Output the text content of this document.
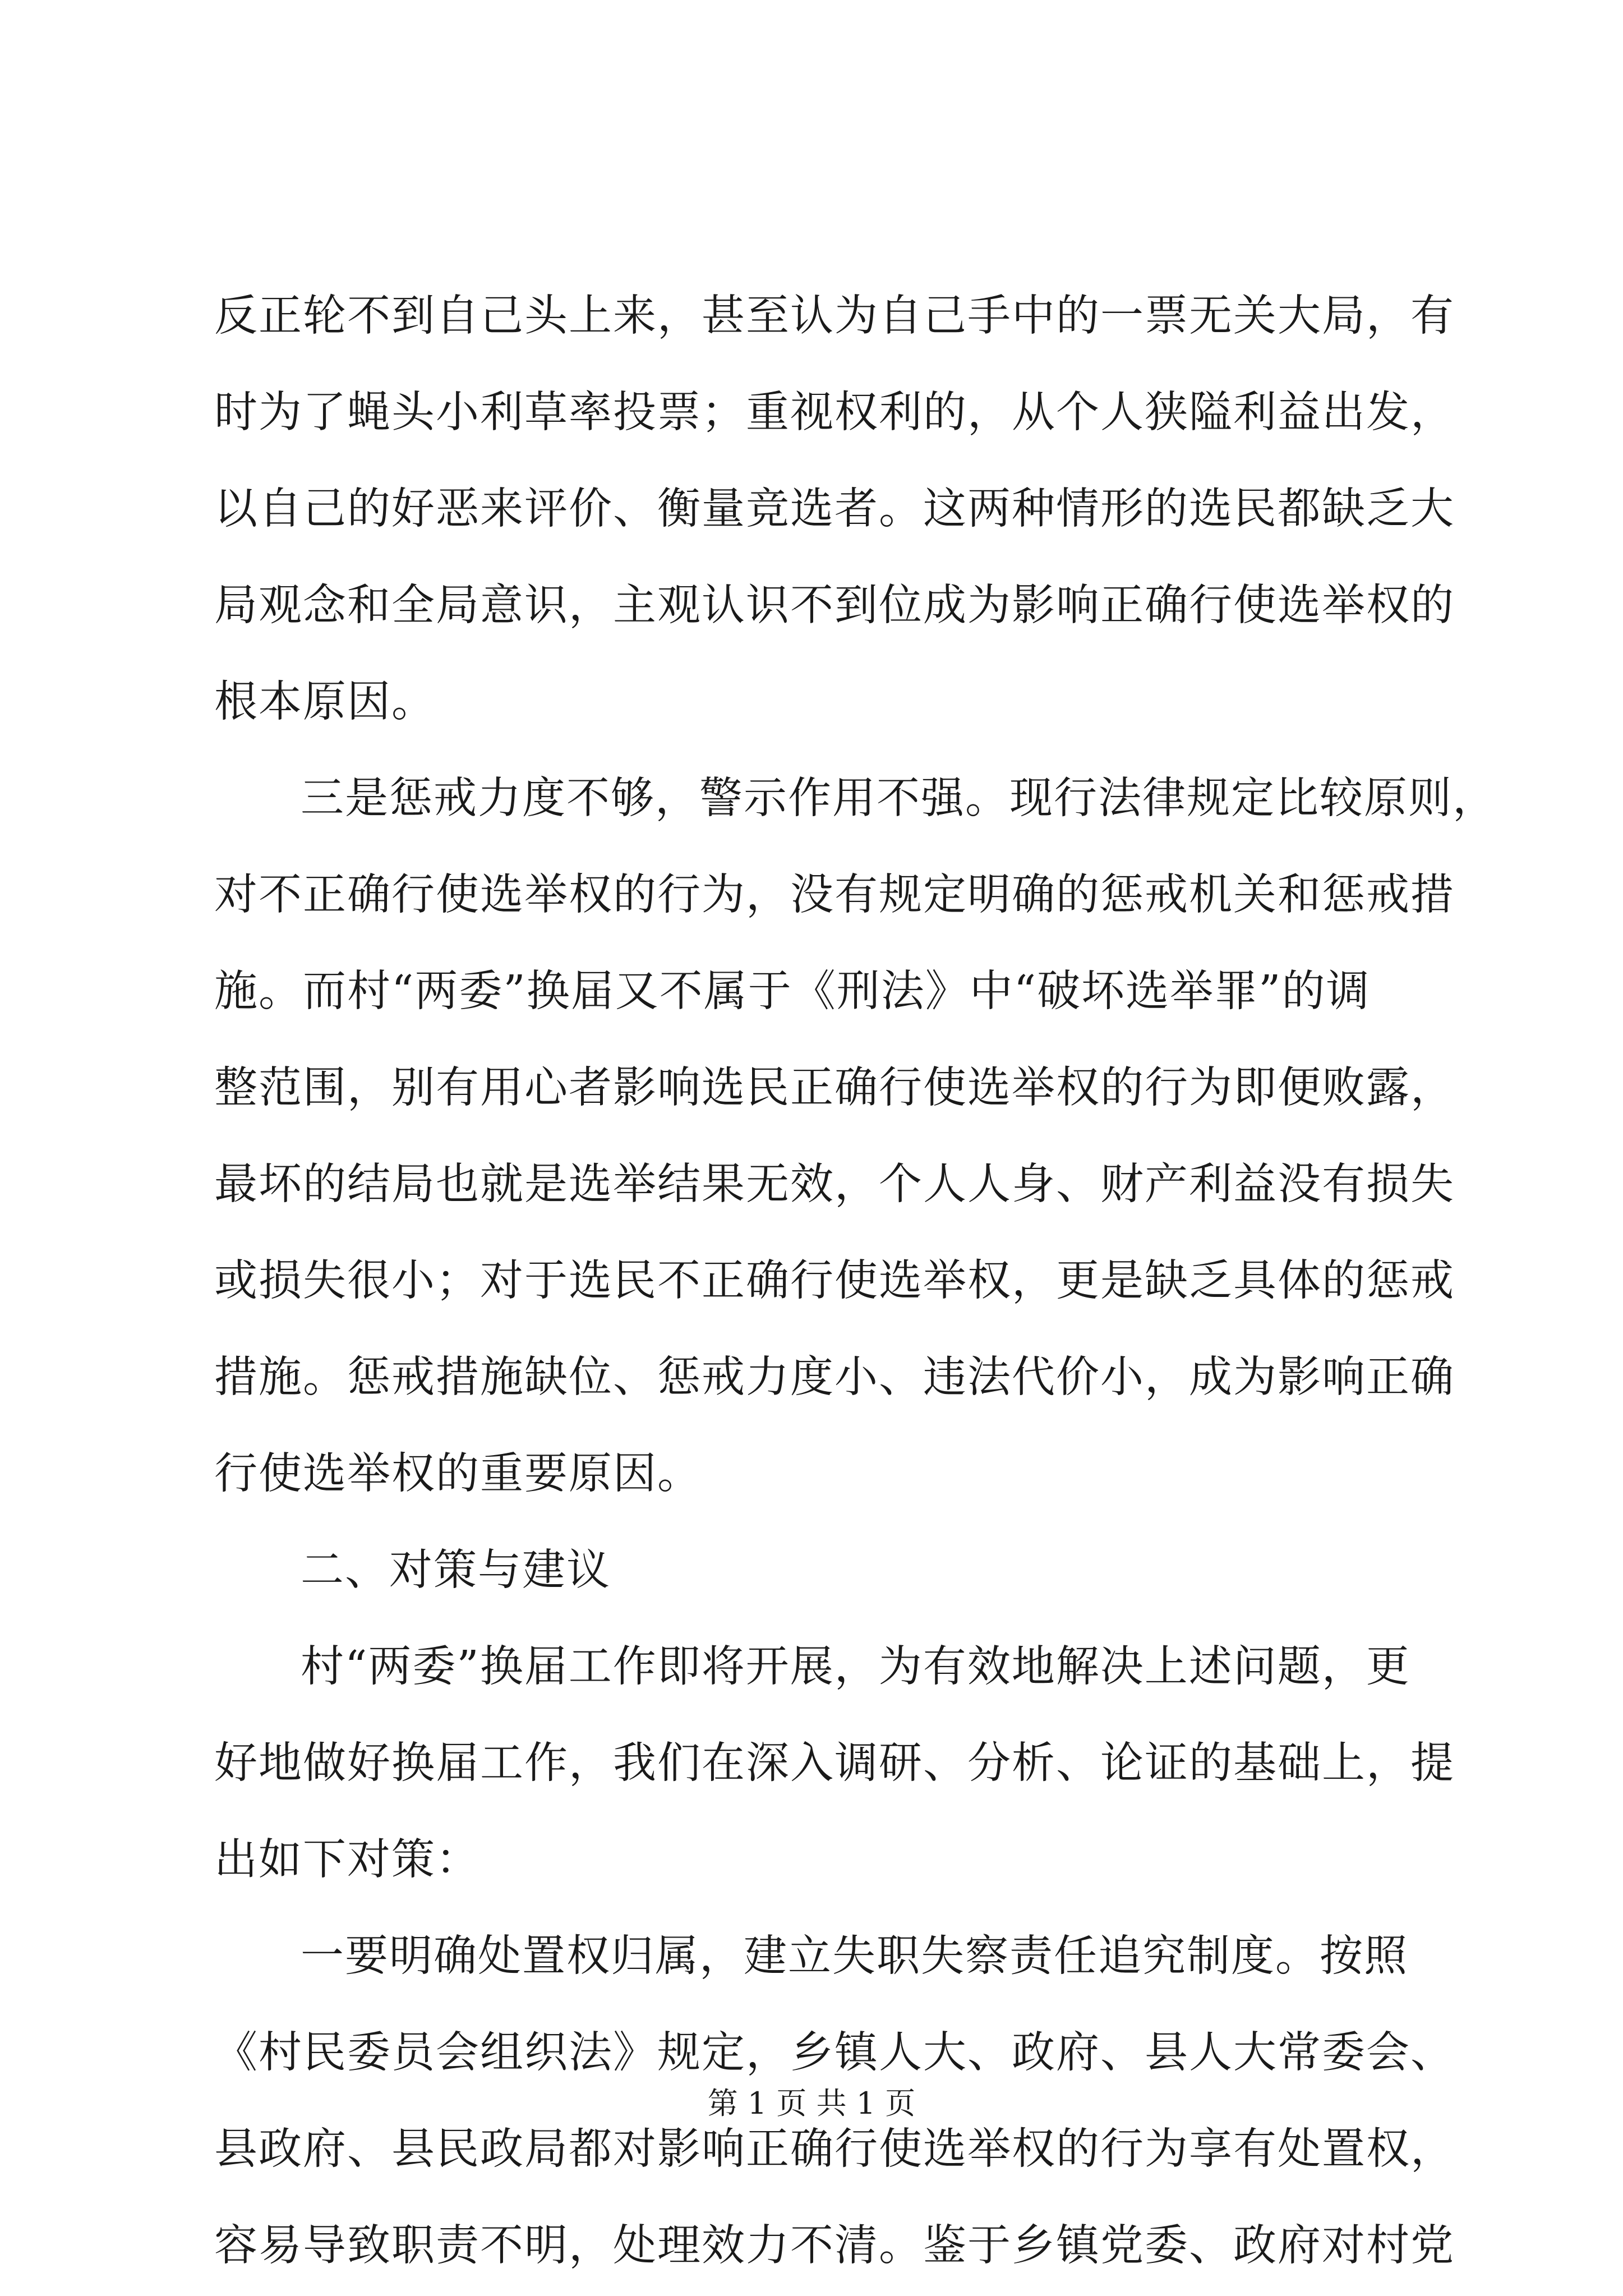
反正轮不到自己头上来，甚至认为自己手中的一票无关大局，有
时为了蝇头小利草率投票；重视权利的，从个人狭隘利益出发，
以自己的好恶来评价、衡量竞选者。这两种情形的选民都缺乏大
局观念和全局意识，主观认识不到位成为影响正确行使选举权的
根本原因。
三是惩戒力度不够，警示作用不强。现行法律规定比较原则，
对不正确行使选举权的行为，没有规定明确的惩戒机关和惩戒措
施。而村“两委”换届又不属于《刑法》中“破坏选举罪”的调
整范围，别有用心者影响选民正确行使选举权的行为即便败露，
最坏的结局也就是选举结果无效，个人人身、财产利益没有损失
或损失很小；对于选民不正确行使选举权，更是缺乏具体的惩戒
措施。惩戒措施缺位、惩戒力度小、违法代价小，成为影响正确
行使选举权的重要原因。
二、对策与建议
村“两委”换届工作即将开展，为有效地解决上述问题，更
好地做好换届工作，我们在深入调研、分析、论证的基础上，提
出如下对策：
一要明确处置权归属，建立失职失察责任追究制度。按照
《村民委员会组织法》规定，乡镇人大、政府、县人大常委会、
县政府、县民政局都对影响正确行使选举权的行为享有处置权，
容易导致职责不明，处理效力不清。鉴于乡镇党委、政府对村党
第 1 页 共 1 页
